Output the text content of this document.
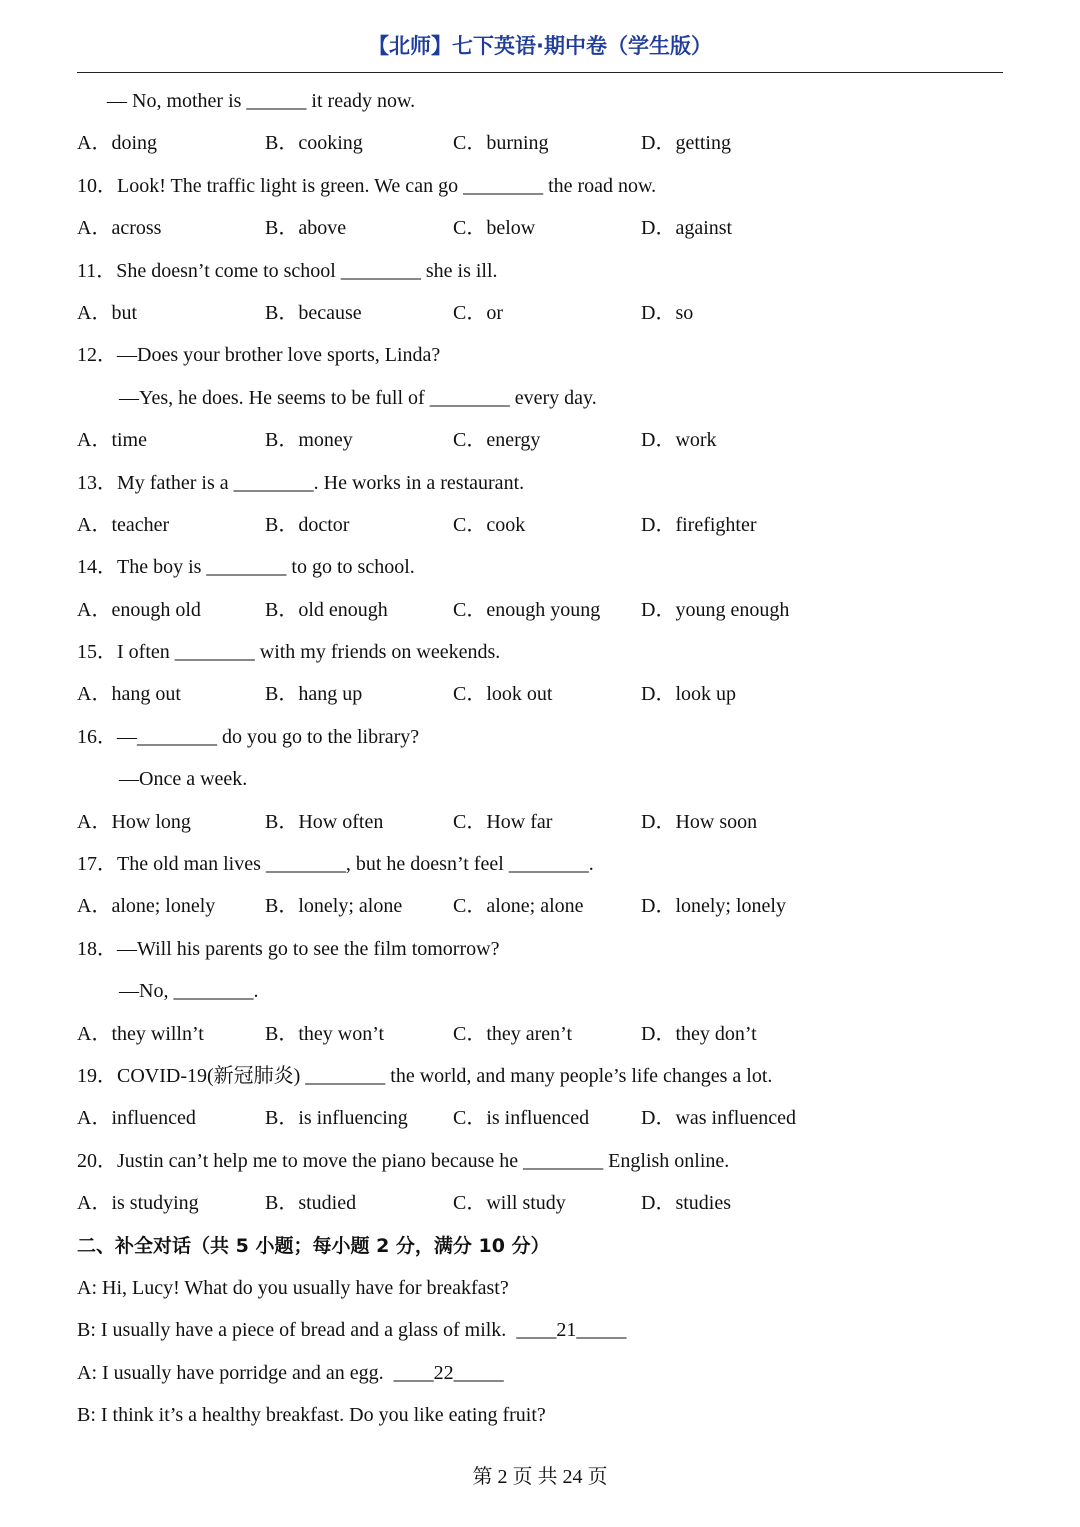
【北师】七下英语·期中卷（学生版）
— No, mother is ______ it ready now.
A．doing	B．cooking	C．burning	D．getting
10．Look! The traffic light is green. We can go ________ the road now.
A．across	B．above	C．below	D．against
11．She doesn’t come to school ________ she is ill.
A．but	B．because	C．or	D．so
12．—Does your brother love sports, Linda?
—Yes, he does. He seems to be full of ________ every day.
A．time	B．money	C．energy	D．work
13．My father is a ________. He works in a restaurant.
A．teacher	B．doctor	C．cook	D．firefighter
14．The boy is ________ to go to school.
A．enough old	B．old enough	C．enough young	D．young enough
15．I often ________ with my friends on weekends.
A．hang out	B．hang up	C．look out	D．look up
16．—________ do you go to the library?
—Once a week.
A．How long	B．How often	C．How far	D．How soon
17．The old man lives ________, but he doesn’t feel ________.
A．alone; lonely	B．lonely; alone	C．alone; alone	D．lonely; lonely
18．—Will his parents go to see the film tomorrow?
—No, ________.
A．they willn’t	B．they won’t	C．they aren’t	D．they don’t
19．COVID-19(新冠肺炎) ________ the world, and many people’s life changes a lot.
A．influenced	B．is influencing	C．is influenced	D．was influenced
20．Justin can’t help me to move the piano because he ________ English online.
A．is studying	B．studied	C．will study	D．studies
二、补全对话（共 5 小题；每小题 2 分，满分 10 分）
A: Hi, Lucy! What do you usually have for breakfast?
B: I usually have a piece of bread and a glass of milk. ____21_____
A: I usually have porridge and an egg. ____22_____
B: I think it’s a healthy breakfast. Do you like eating fruit?
第 2 页 共 24 页
